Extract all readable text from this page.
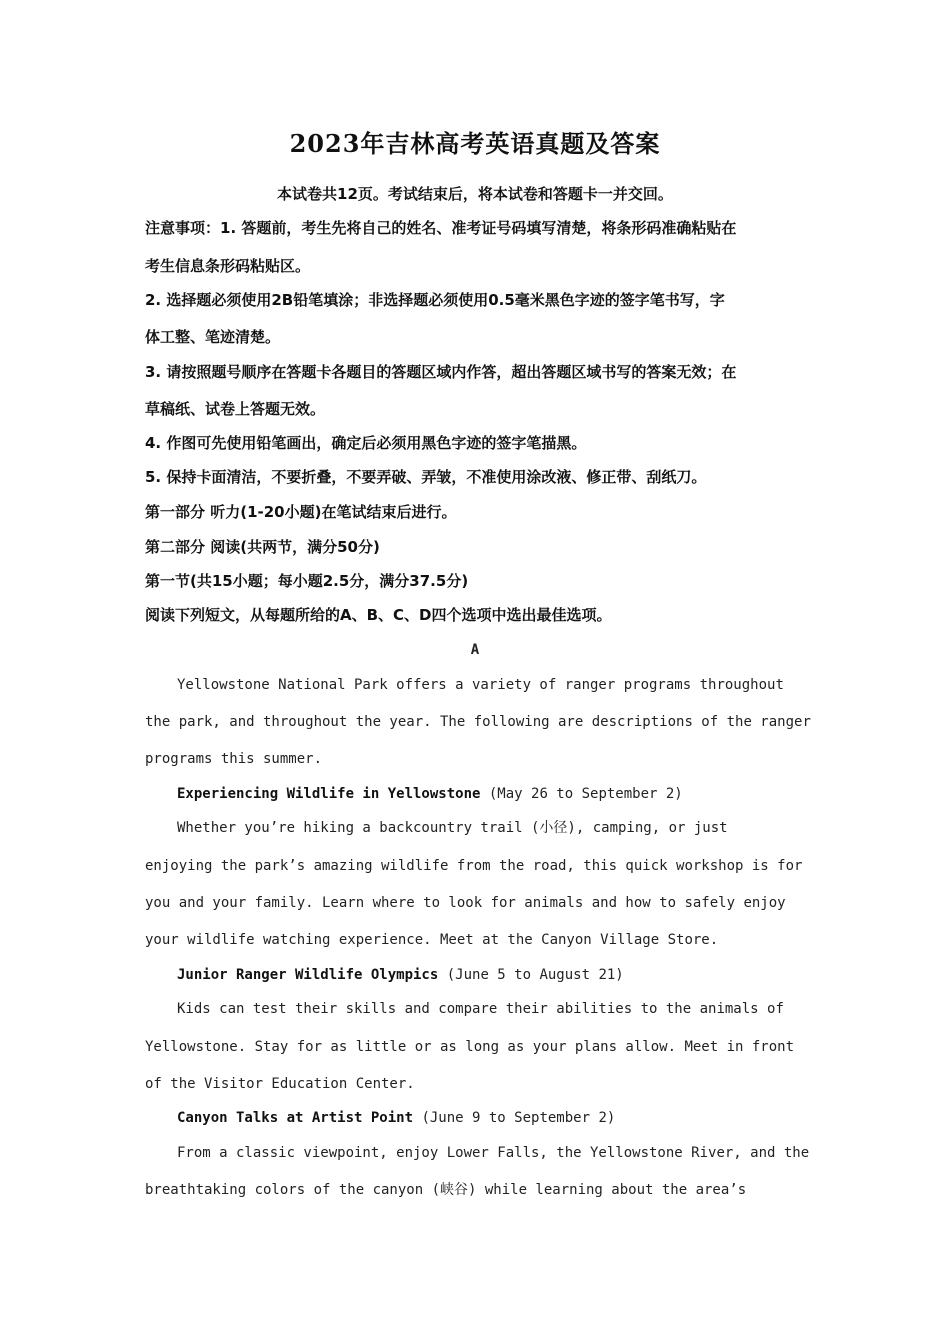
2023年吉林高考英语真题及答案
本试卷共12页。考试结束后，将本试卷和答题卡一并交回。
注意事项：1. 答题前，考生先将自己的姓名、准考证号码填写清楚，将条形码准确粘贴在
考生信息条形码粘贴区。
2. 选择题必须使用2B铅笔填涂；非选择题必须使用0.5毫米黑色字迹的签字笔书写，字
体工整、笔迹清楚。
3. 请按照题号顺序在答题卡各题目的答题区域内作答，超出答题区域书写的答案无效；在
草稿纸、试卷上答题无效。
4. 作图可先使用铅笔画出，确定后必须用黑色字迹的签字笔描黑。
5. 保持卡面清洁，不要折叠，不要弄破、弄皱，不准使用涂改液、修正带、刮纸刀。
第一部分 听力(1-20小题)在笔试结束后进行。
第二部分 阅读(共两节，满分50分)
第一节(共15小题；每小题2.5分，满分37.5分)
阅读下列短文，从每题所给的A、B、C、D四个选项中选出最佳选项。
A
Yellowstone National Park offers a variety of ranger programs throughout
the park, and throughout the year. The following are descriptions of the ranger
programs this summer.
Experiencing Wildlife in Yellowstone (May 26 to September 2)
Whether you’re hiking a backcountry trail (小径), camping, or just
enjoying the park’s amazing wildlife from the road, this quick workshop is for
you and your family. Learn where to look for animals and how to safely enjoy
your wildlife watching experience. Meet at the Canyon Village Store.
Junior Ranger Wildlife Olympics (June 5 to August 21)
Kids can test their skills and compare their abilities to the animals of
Yellowstone. Stay for as little or as long as your plans allow. Meet in front
of the Visitor Education Center.
Canyon Talks at Artist Point (June 9 to September 2)
From a classic viewpoint, enjoy Lower Falls, the Yellowstone River, and the
breathtaking colors of the canyon (峡谷) while learning about the area’s
